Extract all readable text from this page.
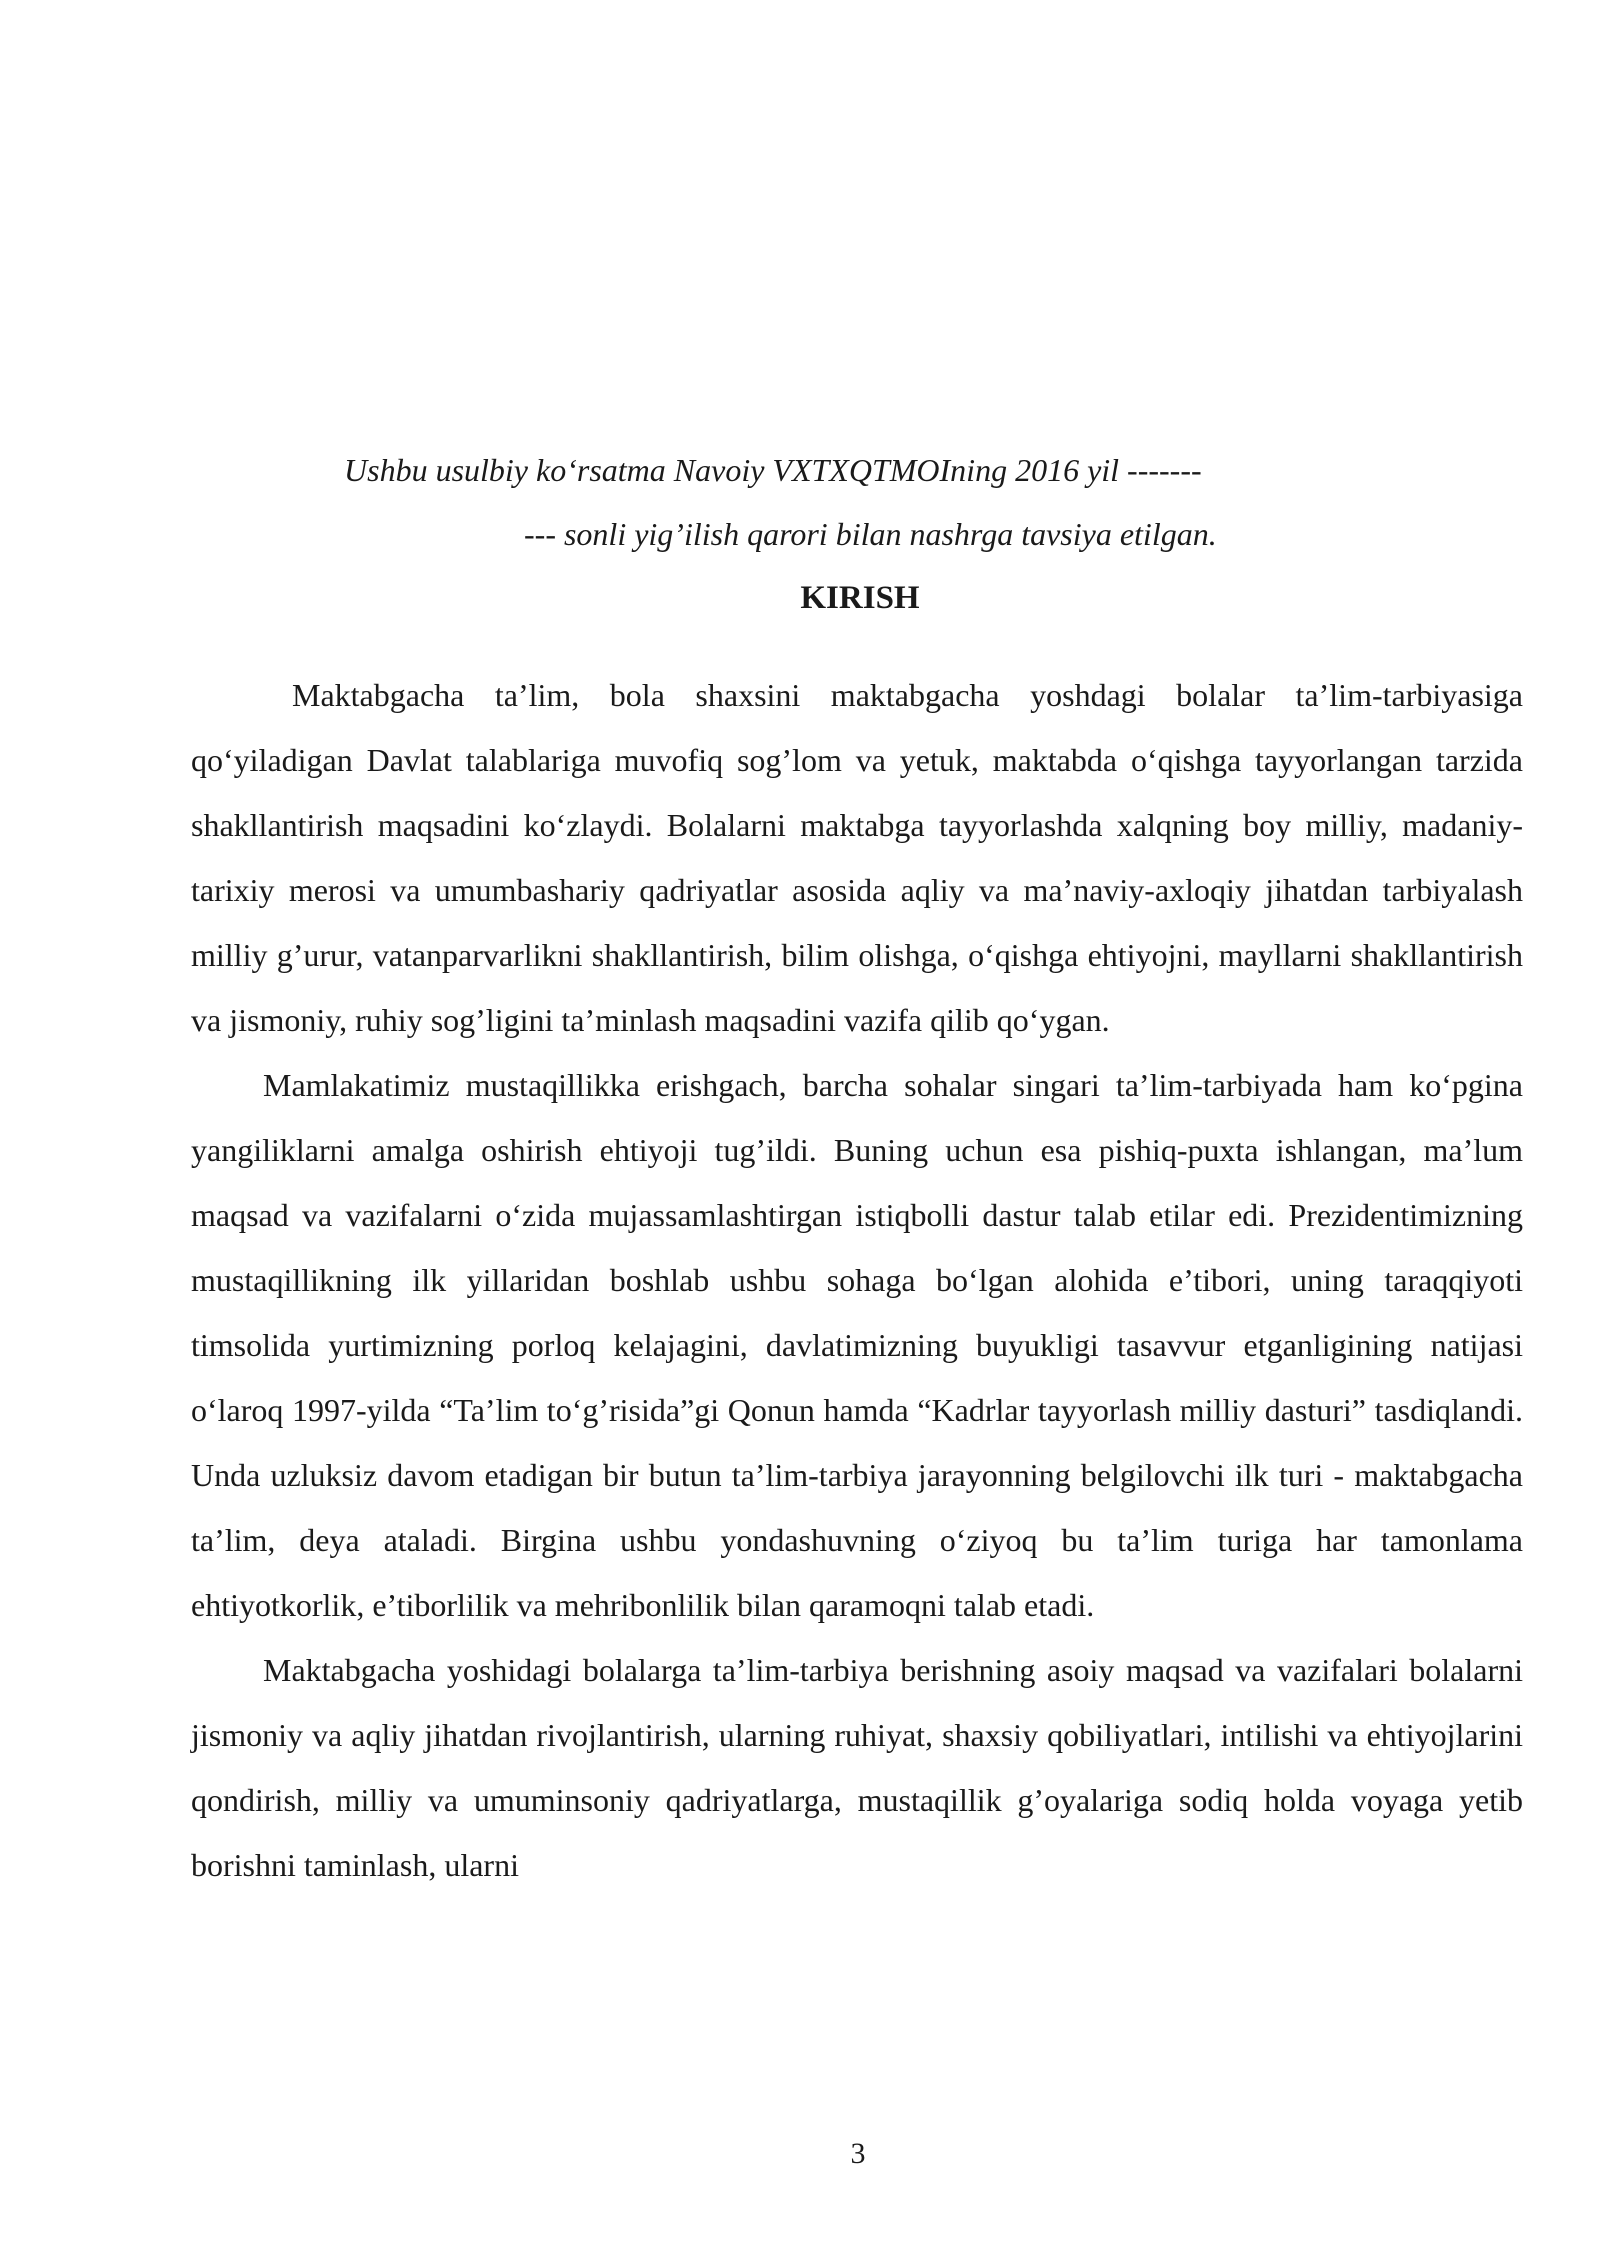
Ushbu usulbiy ko‘rsatma Navoiy VXTXQTMOIning 2016 yil -------
--- sonli yig’ilish qarori bilan nashrga tavsiya etilgan.
KIRISH

Maktabgacha ta’lim, bola shaxsini maktabgacha yoshdagi bolalar ta’lim-tarbiyasiga qo‘yiladigan Davlat talablariga muvofiq sog’lom va yetuk, maktabda o‘qishga tayyorlangan tarzida shakllantirish maqsadini ko‘zlaydi. Bolalarni maktabga tayyorlashda xalqning boy milliy, madaniy-tarixiy merosi va umumbashariy qadriyatlar asosida aqliy va ma’naviy-axloqiy jihatdan tarbiyalash milliy g’urur, vatanparvarlikni shakllantirish, bilim olishga, o‘qishga ehtiyojni, mayllarni shakllantirish va jismoniy, ruhiy sog’ligini ta’minlash maqsadini vazifa qilib qo‘ygan.

Mamlakatimiz mustaqillikka erishgach, barcha sohalar singari ta’lim-tarbiyada ham ko‘pgina yangiliklarni amalga oshirish ehtiyoji tug’ildi. Buning uchun esa pishiq-puxta ishlangan, ma’lum maqsad va vazifalarni o‘zida mujassamlashtirgan istiqbolli dastur talab etilar edi. Prezidentimizning mustaqillikning ilk yillaridan boshlab ushbu sohaga bo‘lgan alohida e’tibori, uning taraqqiyoti timsolida yurtimizning porloq kelajagini, davlatimizning buyukligi tasavvur etganligining natijasi o‘laroq 1997-yilda “Ta’lim to‘g’risida”gi Qonun hamda “Kadrlar tayyorlash milliy dasturi” tasdiqlandi. Unda uzluksiz davom etadigan bir butun ta’lim-tarbiya jarayonning belgilovchi ilk turi - maktabgacha ta’lim, deya ataladi. Birgina ushbu yondashuvning o‘ziyoq bu ta’lim turiga har tamonlama ehtiyotkorlik, e’tiborlilik va mehribonlilik bilan qaramoqni talab etadi.

Maktabgacha yoshidagi bolalarga ta’lim-tarbiya berishning asoiy maqsad va vazifalari bolalarni jismoniy va aqliy jihatdan rivojlantirish, ularning ruhiyat, shaxsiy qobiliyatlari, intilishi va ehtiyojlarini qondirish, milliy va umuminsoniy qadriyatlarga, mustaqillik g’oyalariga sodiq holda voyaga yetib borishni taminlash, ularni

3
